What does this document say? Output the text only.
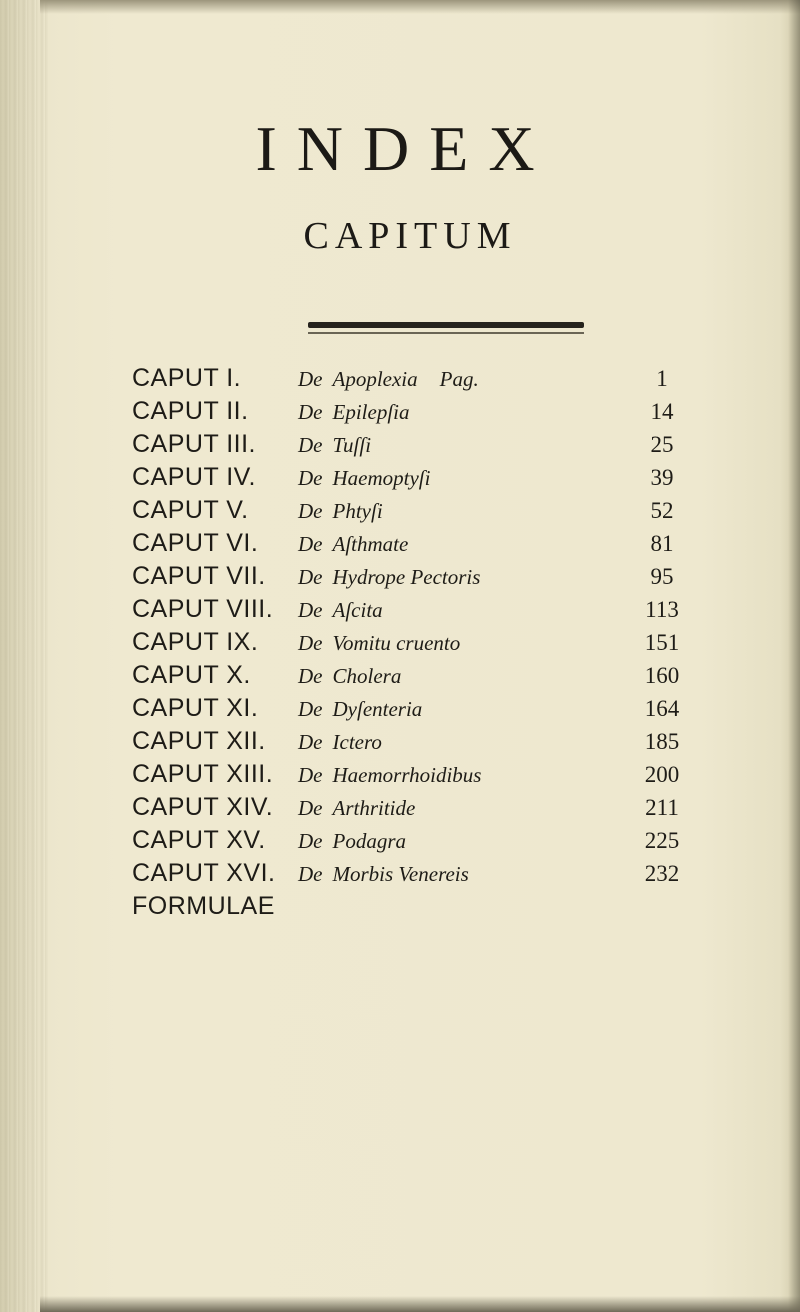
INDEX
CAPITUM
CAPUT I.	De Apoplexia Pag.	1
CAPUT II. De Epilepſia	14
CAPUT III. De Tuſſi	25
CAPUT IV. De Haemoptyſi	39
CAPUT V. De Phtyſi	52
CAPUT VI. De Aſthmate	81
CAPUT VII. De Hydrope Pectoris	95
CAPUT VIII. De Aſcita	113
CAPUT IX. De Vomitu cruento	151
CAPUT X. De Cholera	160
CAPUT XI. De Dyſenteria	164
CAPUT XII. De Ictero	185
CAPUT XIII. De Haemorrhoidibus	200
CAPUT XIV. De Arthritide	211
CAPUT XV. De Podagra	225
CAPUT XVI. De Morbis Venereis	232
FORMULAE
